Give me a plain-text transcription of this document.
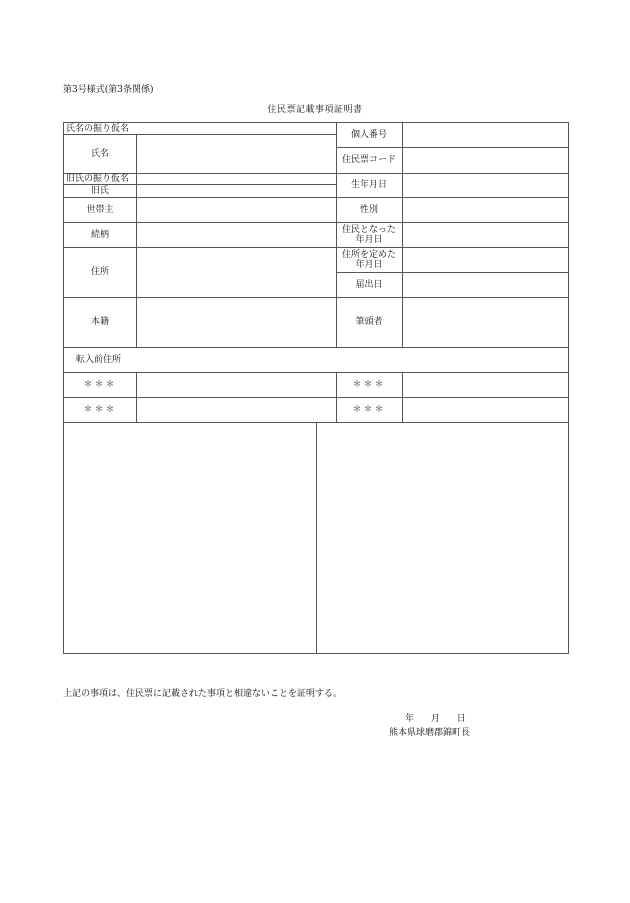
第3号様式(第3条関係)
住民票記載事項証明書
氏名の振り仮名
氏名
旧氏の振り仮名
旧氏
世帯主
続柄
住所
本籍
転入前住所
＊＊＊
＊＊＊
個人番号
住民票コード
生年月日
性別
住民となった
年月日
住所を定めた
年月日
届出日
筆頭者
＊＊＊
＊＊＊
上記の事項は、住民票に記載された事項と相違ないことを証明する。
年 月 日
熊本県球磨郡錦町長
